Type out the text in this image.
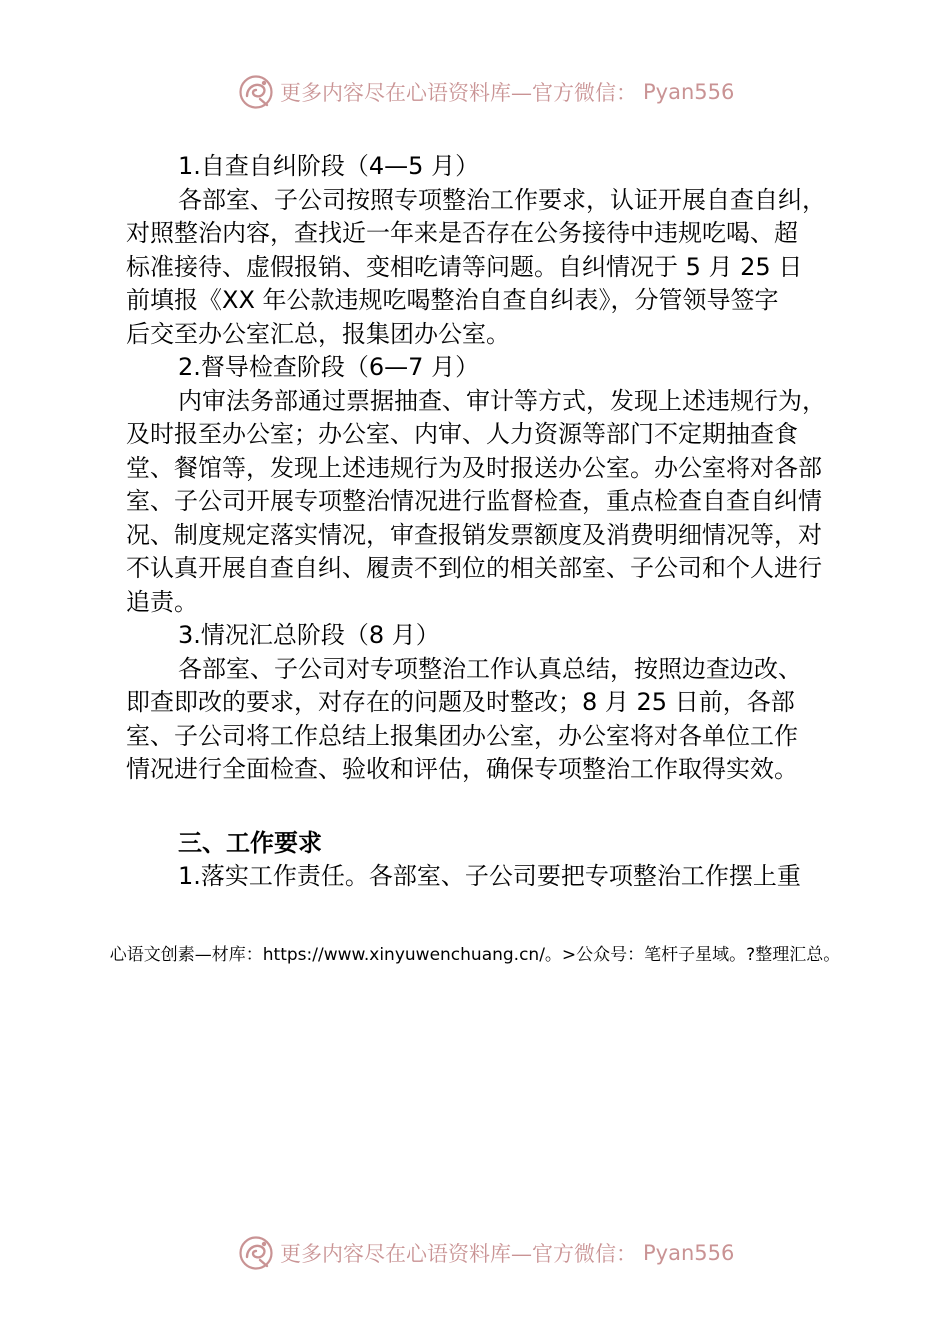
更多内容尽在心语资料库—官方微信： Pyan556
1.自查自纠阶段（4—5 月）
各部室、子公司按照专项整治工作要求，认证开展自查自纠，
对照整治内容，查找近一年来是否存在公务接待中违规吃喝、超
标准接待、虚假报销、变相吃请等问题。自纠情况于 5 月 25 日
前填报《XX 年公款违规吃喝整治自查自纠表》，分管领导签字
后交至办公室汇总，报集团办公室。
2.督导检查阶段（6—7 月）
内审法务部通过票据抽查、审计等方式，发现上述违规行为，
及时报至办公室；办公室、内审、人力资源等部门不定期抽查食
堂、餐馆等，发现上述违规行为及时报送办公室。办公室将对各部
室、子公司开展专项整治情况进行监督检查，重点检查自查自纠情
况、制度规定落实情况，审查报销发票额度及消费明细情况等，对
不认真开展自查自纠、履责不到位的相关部室、子公司和个人进行
追责。
3.情况汇总阶段（8 月）
各部室、子公司对专项整治工作认真总结，按照边查边改、
即查即改的要求，对存在的问题及时整改；8 月 25 日前，各部
室、子公司将工作总结上报集团办公室，办公室将对各单位工作
情况进行全面检查、验收和评估，确保专项整治工作取得实效。
三、工作要求
1.落实工作责任。各部室、子公司要把专项整治工作摆上重
心语文创素—材库：https://www.xinyuwenchuang.cn/。>公众号：笔杆子星域。?整理汇总。
更多内容尽在心语资料库—官方微信： Pyan556
